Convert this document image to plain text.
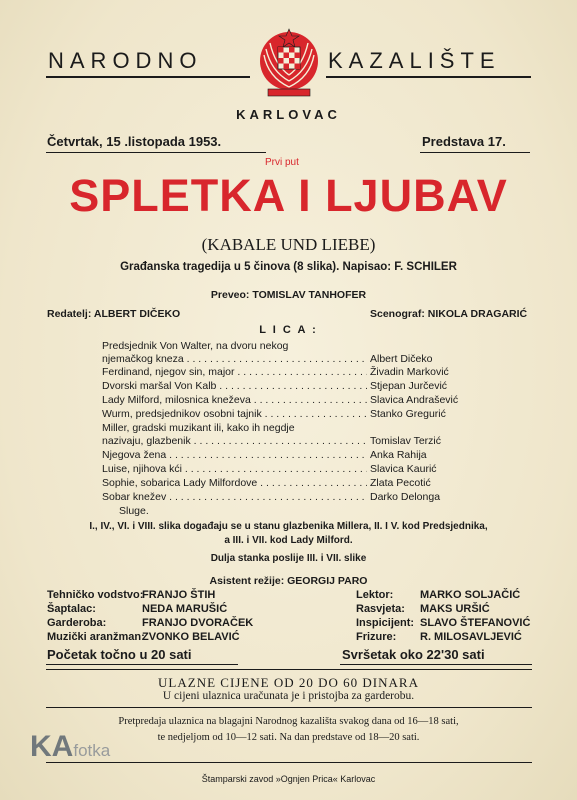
NARODNO	KAZALIŠTE
KARLOVAC
Četvrtak, 15 .listopada 1953.	Predstava 17.
Prvi put
SPLETKA I LJUBAV
(KABALE UND LIEBE)
Građanska tragedija u 5 činova (8 slika). Napisao: F. SCHILER
Preveo: TOMISLAV TANHOFER
Redatelj: ALBERT DIČEKO	Scenograf: NIKOLA DRAGARIĆ
L I C A :
Predsjednik Von Walter, na dvoru nekog
njemačkog kneza . . .	Albert Dičeko
Ferdinand, njegov sin, major . . .	Živadin Marković
Dvorski maršal Von Kalb . . .	Stjepan Jurčević
Lady Milford, milosnica kneževa . . .	Slavica Andrašević
Wurm, predsjednikov osobni tajnik . . .	Stanko Gregurić
Miller, gradski muzikant ili, kako ih negdje
nazivaju, glazbenik . . .	Tomislav Terzić
Njegova žena . . .	Anka Rahija
Luise, njihova kći . . .	Slavica Kaurić
Sophie, sobarica Lady Milfordove . . .	Zlata Pecotić
Sobar knežev . . .	Darko Delonga
Sluge.
I., IV., VI. i VIII. slika događaju se u stanu glazbenika Millera, II. I V. kod Predsjednika,
a III. i VII. kod Lady Milford.
Dulja stanka poslije III. i VII. slike
Asistent režije: GEORGIJ PARO
Tehničko vodstvo:
FRANJO ŠTIH
Šaptalac:	NEDA MARUŠIĆ
Garderoba:	FRANJO DVORAČEK
Muzički aranžman:
ZVONKO BELAVIĆ
Lektor: MARKO SOLJAČIĆ
Rasvjeta: MAKS URŠIĆ
Inspicijent: SLAVO ŠTEFANOVIĆ
Frizure: R. MILOSAVLJEVIĆ
Početak točno u 20 sati	Svršetak oko 22'30 sati
ULAZNE CIJENE OD 20 DO 60 DINARA
U cijeni ulaznica uračunata je i pristojba za garderobu.
Pretpredaja ulaznica na blagajni Narodnog kazališta svakog dana od 16—18 sati,
te nedjeljom od 10—12 sati. Na dan predstave od 18—20 sati.
Štamparski zavod »Ognjen Prica« Karlovac
KAfotka
